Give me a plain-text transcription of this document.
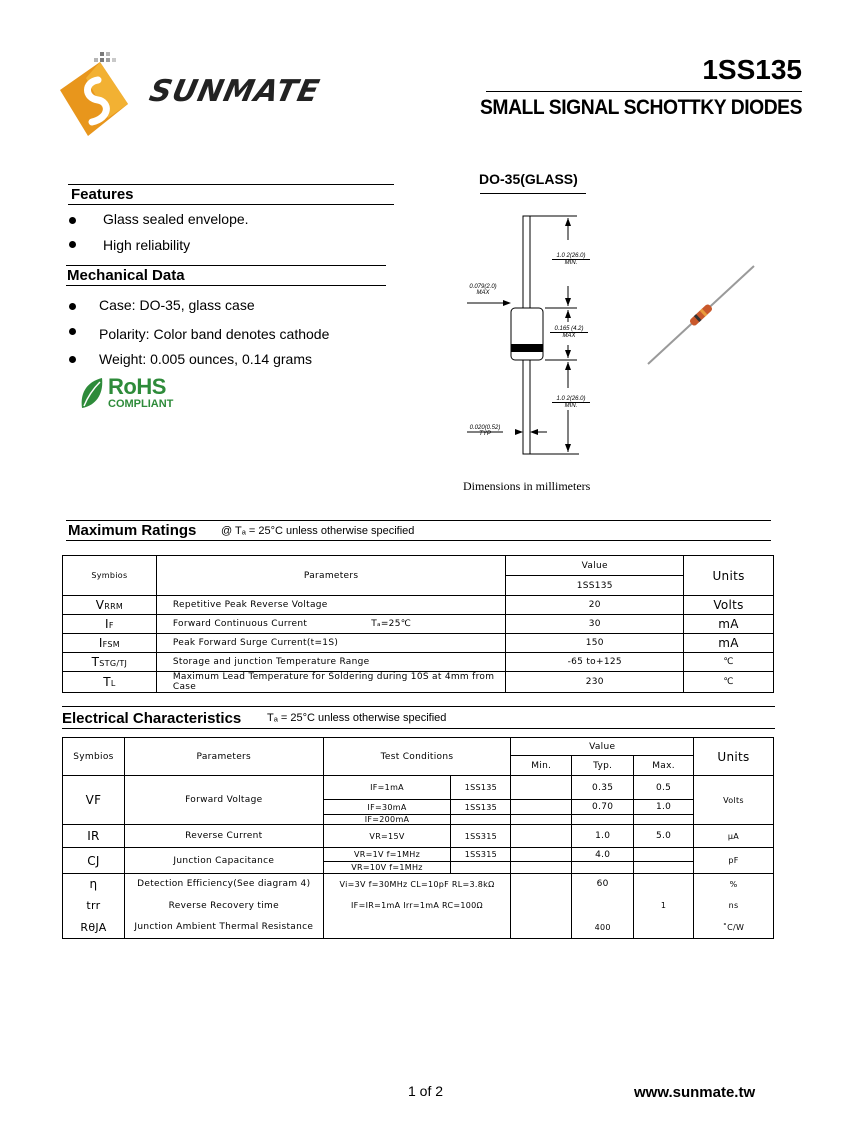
SUNMATE
1SS135
SMALL SIGNAL SCHOTTKY DIODES
Features
Glass sealed envelope.
High reliability
Mechanical Data
Case: DO-35, glass case
Polarity: Color band denotes cathode
Weight: 0.005 ounces, 0.14 grams
RoHS
COMPLIANT
DO-35(GLASS)
1.0 2(26.0)
MIN.
0.079(2.0)
MAX
0.165 (4.2)
MAX
1.0 2(26.0)
MIN.
0.020(0.52)
TYP
Dimensions in millimeters
Maximum Ratings @ Tₐ = 25°C unless otherwise specified
Symbios	Parameters	Value	Units
		1SS135	
VRRM	Repetitive Peak Reverse Voltage	20	Volts
IF	Forward Continuous Current Tₐ=25℃	30	mA
IFSM	Peak Forward Surge Current(t=1S)	150	mA
TSTG/TJ	Storage and junction Temperature Range	-65 to+125	℃
TL	Maximum Lead Temperature for Soldering during 10S at 4mm from Case	230	℃
Electrical Characteristics Tₐ = 25°C unless otherwise specified
Symbios	Parameters	Test Conditions		Value			Units
				Min.	Typ.	Max.	
VF	Forward Voltage	IF=1mA	1SS135		0.35	0.5	Volts
		IF=30mA	1SS135		0.70	1.0	
		IF=200mA					
IR	Reverse Current	VR=15V	1SS315		1.0	5.0	μA
CJ	Junction Capacitance	VR=1V f=1MHz	1SS315		4.0		pF
		VR=10V f=1MHz					
η	Detection Efficiency(See diagram 4)	Vi=3V f=30MHz CL=10pF RL=3.8kΩ			60		%
trr	Reverse Recovery time	IF=IR=1mA Irr=1mA RC=100Ω				1	ns
RθJA	Junction Ambient Thermal Resistance				400		˚C/W
1 of 2	www.sunmate.tw
